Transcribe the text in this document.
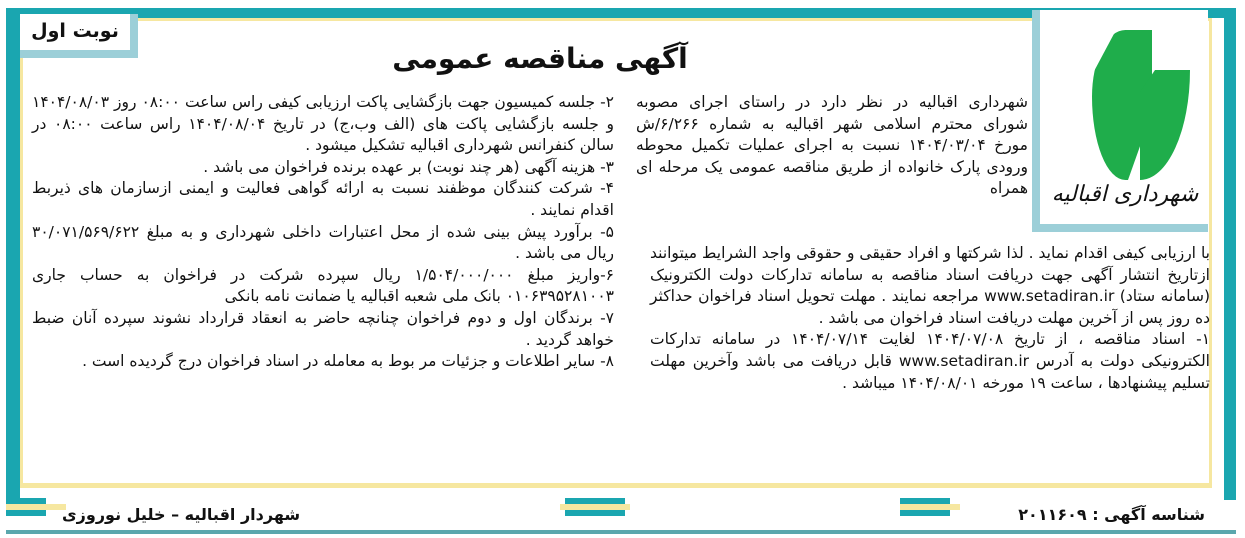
نوبت اول
شهرداری اقبالیه
آگهی مناقصه عمومی

شهرداری اقبالیه در نظر دارد در راستای اجرای مصوبه شورای محترم اسلامی شهر اقبالیه به شماره ۶/۲۶۶/ش مورخ ۱۴۰۴/۰۳/۰۴ نسبت به اجرای عملیات تکمیل محوطه ورودی پارک خانواده از طریق مناقصه عمومی یک مرحله ای همراه

با ارزیابی کیفی اقدام نماید . لذا شرکتها و افراد حقیقی و حقوقی واجد الشرایط میتوانند ازتاریخ انتشار آگهی جهت دریافت اسناد مناقصه به سامانه تدارکات دولت الکترونیک (سامانه ستاد) www.setadiran.ir مراجعه نمایند . مهلت تحویل اسناد فراخوان حداکثر ده روز پس از آخرین مهلت دریافت اسناد فراخوان می باشد .

۱- اسناد مناقصه ، از تاریخ ۱۴۰۴/۰۷/۰۸ لغایت ۱۴۰۴/۰۷/۱۴ در سامانه تدارکات الکترونیکی دولت به آدرس www.setadiran.ir قابل دریافت می باشد وآخرین مهلت تسلیم پیشنهادها ، ساعت ۱۹ مورخه ۱۴۰۴/۰۸/۰۱ میباشد .

۲- جلسه کمیسیون جهت بازگشایی پاکت ارزیابی کیفی راس ساعت ۰۸:۰۰ روز ۱۴۰۴/۰۸/۰۳ و جلسه بازگشایی پاکت های (الف وب،ج) در تاریخ ۱۴۰۴/۰۸/۰۴ راس ساعت ۰۸:۰۰ در سالن کنفرانس شهرداری اقبالیه تشکیل میشود .

۳- هزینه آگهی (هر چند نوبت) بر عهده برنده فراخوان می باشد .

۴- شرکت کنندگان موظفند نسبت به ارائه گواهی فعالیت و ایمنی ازسازمان های ذیربط اقدام نمایند .

۵- برآورد پیش بینی شده از محل اعتبارات داخلی شهرداری و به مبلغ ۳۰/۰۷۱/۵۶۹/۶۲۲ ریال می باشد .

۶-واریز مبلغ ۱/۵۰۴/۰۰۰/۰۰۰ ریال سپرده شرکت در فراخوان به حساب جاری ۰۱۰۶۳۹۵۲۸۱۰۰۳ بانک ملی شعبه اقبالیه یا ضمانت نامه بانکی

۷- برندگان اول و دوم فراخوان چنانچه حاضر به انعقاد قرارداد نشوند سپرده آنان ضبط خواهد گردید .

۸- سایر اطلاعات و جزئیات مر بوط به معامله در اسناد فراخوان درج گردیده است .

شهردار اقبالیه – خلیل نوروزی	شناسه آگهی : ۲۰۱۱۶۰۹
